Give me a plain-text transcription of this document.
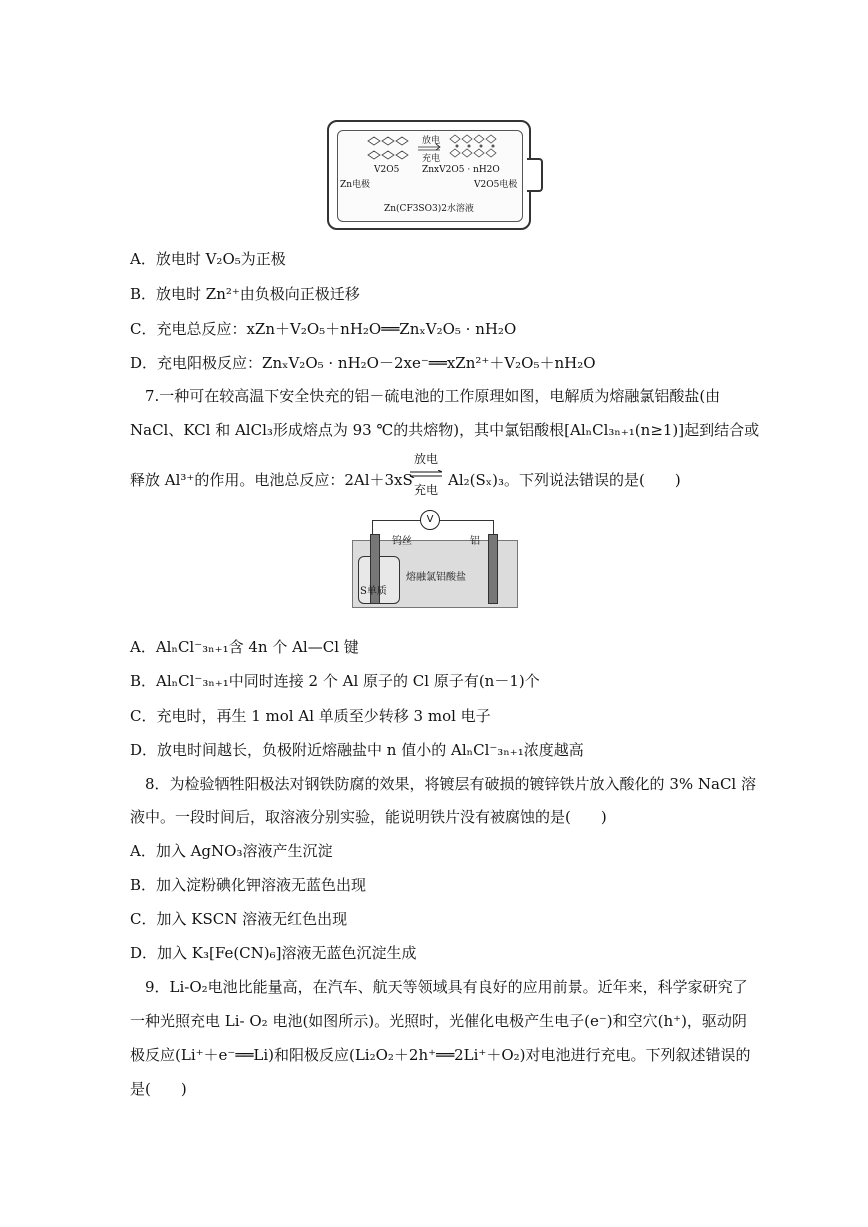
放电
充电
V2O5	ZnxV2O5 · nH2O
Zn电极	V2O5电极
Zn(CF3SO3)2水溶液
A．放电时 V₂O₅为正极
B．放电时 Zn²⁺由负极向正极迁移
C．充电总反应：xZn＋V₂O₅＋nH₂O══ZnₓV₂O₅ · nH₂O
D．充电阳极反应：ZnₓV₂O₅ · nH₂O－2xe⁻══xZn²⁺＋V₂O₅＋nH₂O
7.一种可在较高温下安全快充的铝－硫电池的工作原理如图，电解质为熔融氯铝酸盐(由
NaCl、KCl 和 AlCl₃形成熔点为 93 ℃的共熔物)，其中氯铝酸根[AlₙCl₃ₙ₊₁(n≥1)]起到结合或
释放 Al³⁺的作用。电池总反应：2Al＋3xS
放电
充电
Al₂(Sₓ)₃。下列说法错误的是(　　)
V
钨丝	铝
S单质
熔融氯铝酸盐
A．AlₙCl⁻₃ₙ₊₁含 4n 个 Al—Cl 键
B．AlₙCl⁻₃ₙ₊₁中同时连接 2 个 Al 原子的 Cl 原子有(n－1)个
C．充电时，再生 1 mol Al 单质至少转移 3 mol 电子
D．放电时间越长，负极附近熔融盐中 n 值小的 AlₙCl⁻₃ₙ₊₁浓度越高
8．为检验牺牲阳极法对钢铁防腐的效果，将镀层有破损的镀锌铁片放入酸化的 3% NaCl 溶
液中。一段时间后，取溶液分别实验，能说明铁片没有被腐蚀的是(　　)
A．加入 AgNO₃溶液产生沉淀
B．加入淀粉碘化钾溶液无蓝色出现
C．加入 KSCN 溶液无红色出现
D．加入 K₃[Fe(CN)₆]溶液无蓝色沉淀生成
9．Li-O₂电池比能量高，在汽车、航天等领域具有良好的应用前景。近年来，科学家研究了
一种光照充电 Li- O₂ 电池(如图所示)。光照时，光催化电极产生电子(e⁻)和空穴(h⁺)，驱动阴
极反应(Li⁺＋e⁻══Li)和阳极反应(Li₂O₂＋2h⁺══2Li⁺＋O₂)对电池进行充电。下列叙述错误的
是(　　)
